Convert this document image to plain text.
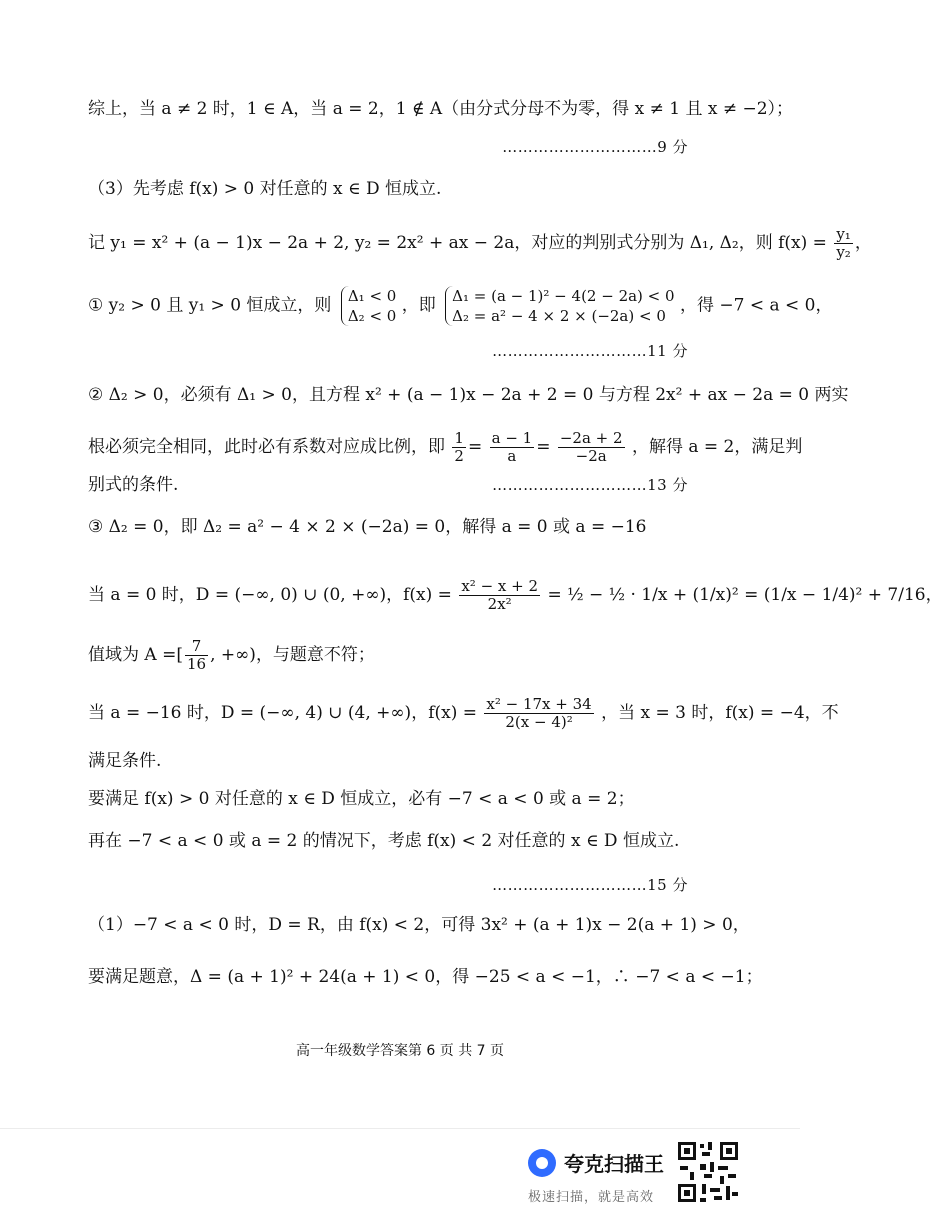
综上，当 a ≠ 2 时，1 ∈ A，当 a = 2，1 ∉ A（由分式分母不为零，得 x ≠ 1 且 x ≠ −2）；
…………………………9 分
（3）先考虑 f(x) > 0 对任意的 x ∈ D 恒成立.
记 y₁ = x² + (a − 1)x − 2a + 2, y₂ = 2x² + ax − 2a，对应的判别式分别为 Δ₁, Δ₂，则 $f(x) = \frac{\text{y₁}}{\text{y₂}}$ ，
① y₂ > 0 且 y₁ > 0 恒成立，则 Δ₁ < 0
Δ₂ < 0 ，即 Δ₁ = (a − 1)² − 4(2 − 2a) < 0
Δ₂ = a² − 4 × 2 × (−2a) < 0 ，得 −7 < a < 0，
…………………………11 分
② Δ₂ > 0，必须有 Δ₁ > 0，且方程 x² + (a − 1)x − 2a + 2 = 0 与方程 2x² + ax − 2a = 0 两实
根必须完全相同，此时必有系数对应成比例，即 $\frac{1}{2} = \frac{a - 1}{a} = \frac{-2a + 2}{-2a}$ ，解得 a = 2，满足判
别式的条件.	…………………………13 分
③ Δ₂ = 0，即 Δ₂ = a² − 4 × 2 × (−2a) = 0，解得 a = 0 或 a = −16
当 a = 0 时，D = (−∞, 0) ∪ (0, +∞)，$f(x) = \frac{\text{x² − x + 2}}{\text{2x²}}$ = ½ − ½ · 1/x + (1/x)² = (1/x − 1/4)² + 7/16，
值域为 A =[ $\frac{7}{16}$ , +∞)，与题意不符；
当 a = −16 时，D = (−∞, 4) ∪ (4, +∞)，$f(x) = \frac{\text{x² − 17x + 34}}{\text{2(x − 4)²}}$ ，当 x = 3 时，f(x) = −4，不
满足条件.
要满足 f(x) > 0 对任意的 x ∈ D 恒成立，必有 −7 < a < 0 或 a = 2；
再在 −7 < a < 0 或 a = 2 的情况下，考虑 f(x) < 2 对任意的 x ∈ D 恒成立.
…………………………15 分
（1）−7 < a < 0 时，D = R，由 f(x) < 2，可得 3x² + (a + 1)x − 2(a + 1) > 0，
要满足题意，Δ = (a + 1)² + 24(a + 1) < 0，得 −25 < a < −1，∴ −7 < a < −1；
高一年级数学答案第 6 页 共 7 页
夸克扫描王
极速扫描，就是高效
